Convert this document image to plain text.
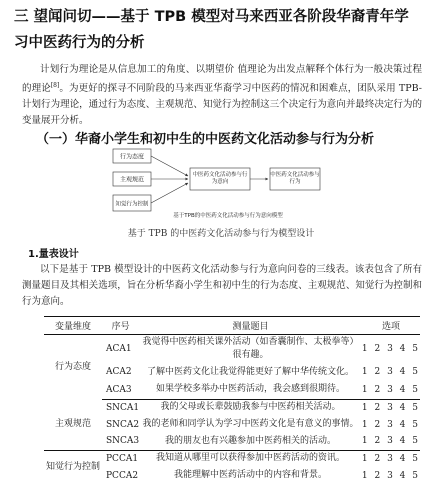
三 望闻问切——基于 TPB 模型对马来西亚各阶段华裔青年学
习中医药行为的分析
计划行为理论是从信息加工的角度、以期望价 值理论为出发点解释个体行为一般决策过程的理论[8]。为更好的探寻不同阶段的马来西亚华裔学习中医药的情况和困难点，团队采用 TPB-计划行为理论，通过行为态度、主观规范、知觉行为控制这三个决定行为意向并最终决定行为的变量展开分析。
（一）华裔小学生和初中生的中医药文化活动参与行为分析
行为态度
主观规范
知觉行为控制
中医药文化活动参与行为意向
中医药文化活动参与行为
基于TPB的中医药文化活动参与行为意向模型
基于 TPB 的中医药文化活动参与行为模型设计
1.量表设计
以下是基于 TPB 模型设计的中医药文化活动参与行为意向问卷的三线表。该表包含了所有测量题目及其相关选项，旨在分析华裔小学生和初中生的行为态度、主观规范、知觉行为控制和行为意向。
变量维度	序号	测量题目	选项
行为态度	ACA1	我觉得中医药相关课外活动（如香囊制作、太极拳等）很有趣。	1 2 3 4 5
	ACA2	了解中医药文化让我觉得能更好了解中华传统文化。	1 2 3 4 5
	ACA3	如果学校多举办中医药活动，我会感到很期待。	1 2 3 4 5
主观规范	SNCA1	我的父母或长辈鼓励我参与中医药相关活动。	1 2 3 4 5
	SNCA2	我的老师和同学认为学习中医药文化是有意义的事情。	1 2 3 4 5
	SNCA3	我的朋友也有兴趣参加中医药相关的活动。	1 2 3 4 5
知觉行为控制	PCCA1	我知道从哪里可以获得参加中医药活动的资讯。	1 2 3 4 5
	PCCA2	我能理解中医药活动中的内容和背景。	1 2 3 4 5
